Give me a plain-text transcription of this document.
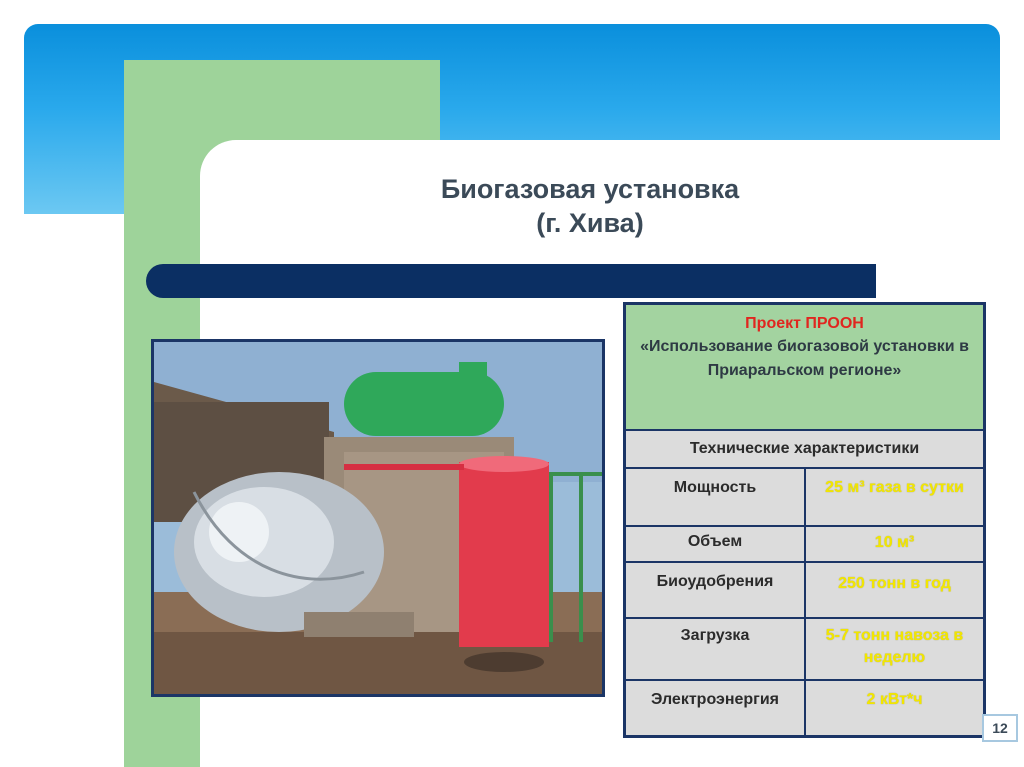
Биогазовая установка
(г. Хива)
Проект ПРООН
«Использование биогазовой установки в Приаральском регионе»
Технические характеристики
Мощность	25 м³ газа в сутки
Объем	10 м³
Биоудобрения	250 тонн в год
Загрузка	5-7 тонн навоза в неделю
Электроэнергия	2 кВт*ч
12
